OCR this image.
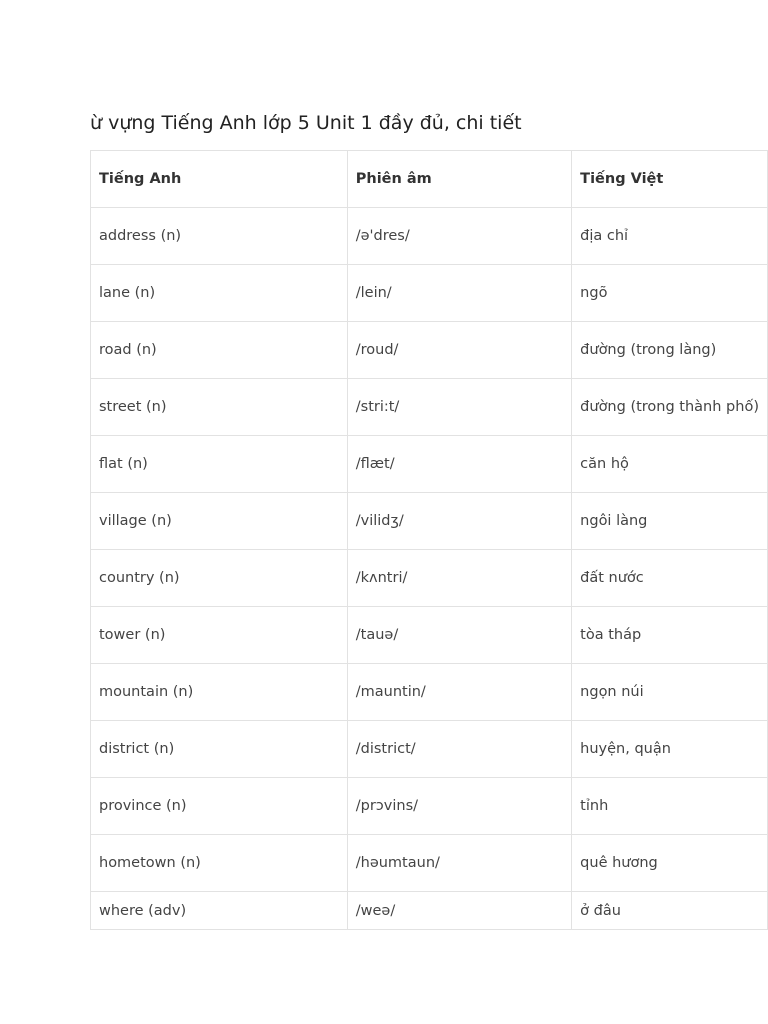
ừ vựng Tiếng Anh lớp 5 Unit 1 đầy đủ, chi tiết
Tiếng Anh	Phiên âm	Tiếng Việt
address (n)	/ə'dres/	địa chỉ
lane (n)	/lein/	ngõ
road (n)	/roud/	đường (trong làng)
street (n)	/stri:t/	đường (trong thành phố)
flat (n)	/flæt/	căn hộ
village (n)	/vilidʒ/	ngôi làng
country (n)	/kʌntri/	đất nước
tower (n)	/tauə/	tòa tháp
mountain (n)	/mauntin/	ngọn núi
district (n)	/district/	huyện, quận
province (n)	/prɔvins/	tỉnh
hometown (n)	/həumtaun/	quê hương
where (adv)	/weə/	ở đâu
